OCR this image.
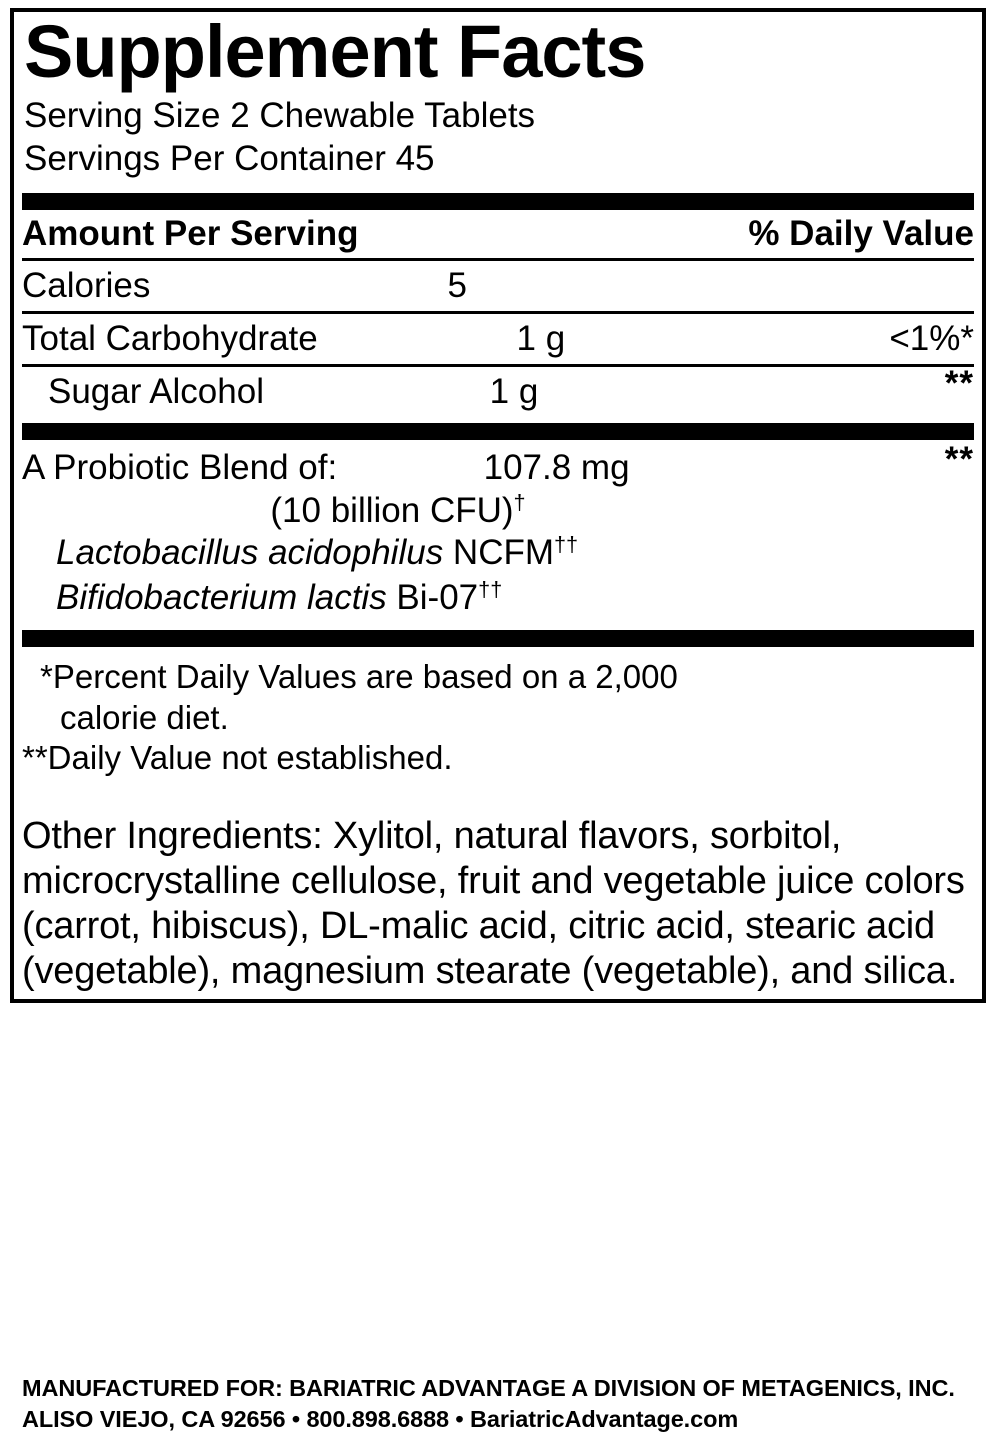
Supplement Facts
Serving Size 2 Chewable Tablets
Servings Per Container 45
Amount Per Serving	% Daily Value
Calories	5
Total Carbohydrate	1 g	<1%*
Sugar Alcohol	1 g	**
A Probiotic Blend of:	107.8 mg	**
(10 billion CFU)†
Lactobacillus acidophilus NCFM††
Bifidobacterium lactis Bi-07††
*Percent Daily Values are based on a 2,000
calorie diet.
**Daily Value not established.
Other Ingredients: Xylitol, natural flavors, sorbitol, microcrystalline cellulose, fruit and vegetable juice colors (carrot, hibiscus), DL-malic acid, citric acid, stearic acid (vegetable), magnesium stearate (vegetable), and silica.
MANUFACTURED FOR: BARIATRIC ADVANTAGE A DIVISION OF METAGENICS, INC.
ALISO VIEJO, CA 92656 • 800.898.6888 • BariatricAdvantage.com
